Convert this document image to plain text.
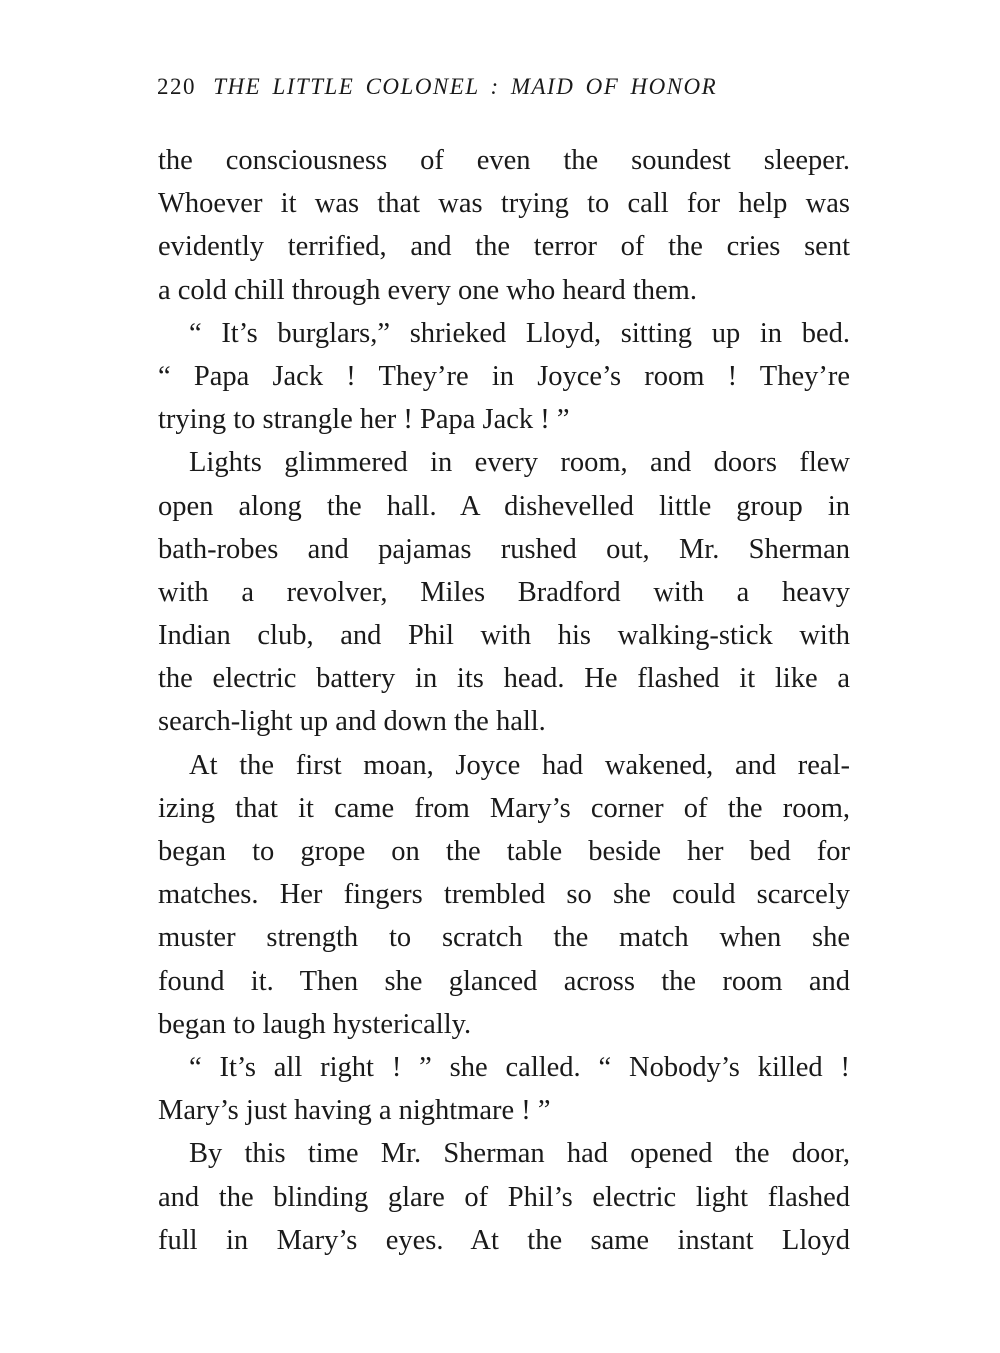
220 THE LITTLE COLONEL : MAID OF HONOR
the consciousness of even the soundest sleeper.
Whoever it was that was trying to call for help was
evidently terrified, and the terror of the cries sent
a cold chill through every one who heard them.
“ It’s burglars,” shrieked Lloyd, sitting up in bed.
“ Papa Jack ! They’re in Joyce’s room ! They’re
trying to strangle her ! Papa Jack ! ”
Lights glimmered in every room, and doors flew
open along the hall. A dishevelled little group in
bath-robes and pajamas rushed out, Mr. Sherman
with a revolver, Miles Bradford with a heavy
Indian club, and Phil with his walking-stick with
the electric battery in its head. He flashed it like a
search-light up and down the hall.
At the first moan, Joyce had wakened, and real-
izing that it came from Mary’s corner of the room,
began to grope on the table beside her bed for
matches. Her fingers trembled so she could scarcely
muster strength to scratch the match when she
found it. Then she glanced across the room and
began to laugh hysterically.
“ It’s all right ! ” she called. “ Nobody’s killed !
Mary’s just having a nightmare ! ”
By this time Mr. Sherman had opened the door,
and the blinding glare of Phil’s electric light flashed
full in Mary’s eyes. At the same instant Lloyd
